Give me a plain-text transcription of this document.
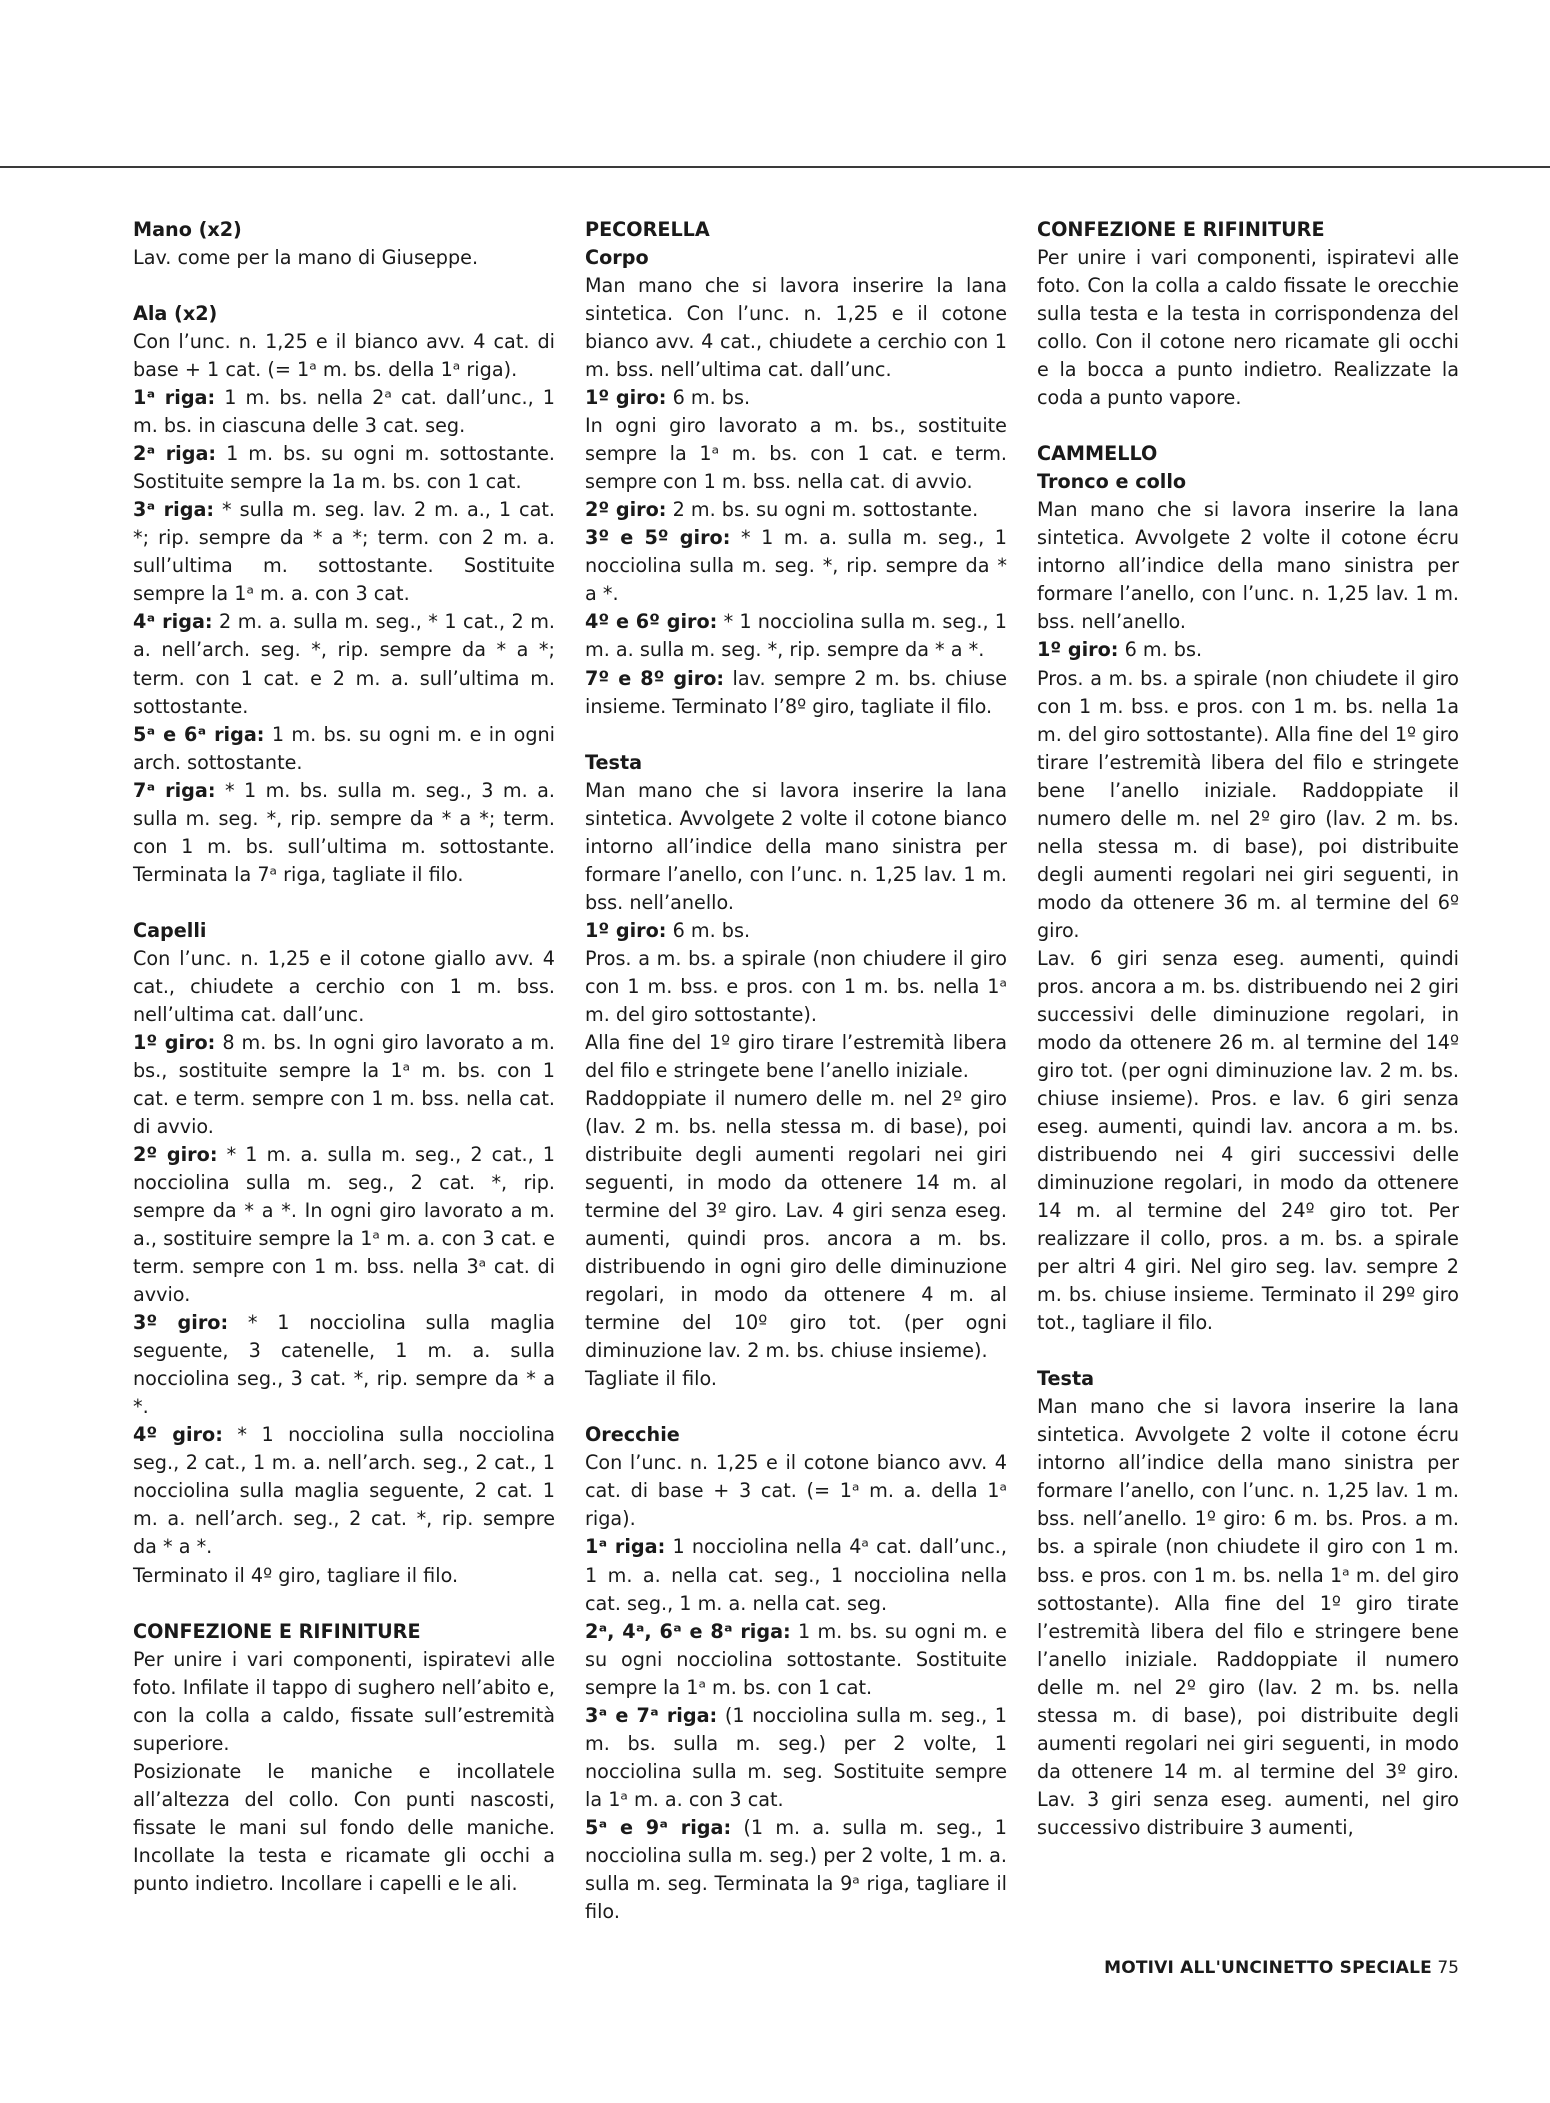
Mano (x2)

Lav. come per la mano di Giuseppe.

Ala (x2)

Con l’unc. n. 1,25 e il bianco avv. 4 cat. di base + 1 cat. (= 1ᵃ m. bs. della 1ᵃ riga).

1ᵃ riga: 1 m. bs. nella 2ᵃ cat. dall’unc., 1 m. bs. in ciascuna delle 3 cat. seg.

2ᵃ riga: 1 m. bs. su ogni m. sottostante. Sostituite sempre la 1a m. bs. con 1 cat.

3ᵃ riga: * sulla m. seg. lav. 2 m. a., 1 cat. *; rip. sempre da * a *; term. con 2 m. a. sull’ultima m. sottostante. Sostituite sempre la 1ᵃ m. a. con 3 cat.

4ᵃ riga: 2 m. a. sulla m. seg., * 1 cat., 2 m. a. nell’arch. seg. *, rip. sempre da * a *; term. con 1 cat. e 2 m. a. sull’ultima m. sottostante.

5ᵃ e 6ᵃ riga: 1 m. bs. su ogni m. e in ogni arch. sottostante.

7ᵃ riga: * 1 m. bs. sulla m. seg., 3 m. a. sulla m. seg. *, rip. sempre da * a *; term. con 1 m. bs. sull’ultima m. sottostante. Terminata la 7ᵃ riga, tagliate il filo.

Capelli

Con l’unc. n. 1,25 e il cotone giallo avv. 4 cat., chiudete a cerchio con 1 m. bss. nell’ultima cat. dall’unc.

1º giro: 8 m. bs. In ogni giro lavorato a m. bs., sostituite sempre la 1ᵃ m. bs. con 1 cat. e term. sempre con 1 m. bss. nella cat. di avvio.

2º giro: * 1 m. a. sulla m. seg., 2 cat., 1 nocciolina sulla m. seg., 2 cat. *, rip. sempre da * a *. In ogni giro lavorato a m. a., sostituire sempre la 1ᵃ m. a. con 3 cat. e term. sempre con 1 m. bss. nella 3ᵃ cat. di avvio.

3º giro: * 1 nocciolina sulla maglia seguente, 3 catenelle, 1 m. a. sulla nocciolina seg., 3 cat. *, rip. sempre da * a *.

4º giro: * 1 nocciolina sulla nocciolina seg., 2 cat., 1 m. a. nell’arch. seg., 2 cat., 1 nocciolina sulla maglia seguente, 2 cat. 1 m. a. nell’arch. seg., 2 cat. *, rip. sempre da * a *.

Terminato il 4º giro, tagliare il filo.

CONFEZIONE E RIFINITURE

Per unire i vari componenti, ispiratevi alle foto. Infilate il tappo di sughero nell’abito e, con la colla a caldo, fissate sull’estremità superiore.

Posizionate le maniche e incollatele all’altezza del collo. Con punti nascosti, fissate le mani sul fondo delle maniche. Incollate la testa e ricamate gli occhi a punto indietro. Incollare i capelli e le ali.

PECORELLA

Corpo

Man mano che si lavora inserire la lana sintetica. Con l’unc. n. 1,25 e il cotone bianco avv. 4 cat., chiudete a cerchio con 1 m. bss. nell’ultima cat. dall’unc.

1º giro: 6 m. bs.

In ogni giro lavorato a m. bs., sostituite sempre la 1ᵃ m. bs. con 1 cat. e term. sempre con 1 m. bss. nella cat. di avvio.

2º giro: 2 m. bs. su ogni m. sottostante.

3º e 5º giro: * 1 m. a. sulla m. seg., 1 nocciolina sulla m. seg. *, rip. sempre da * a *.

4º e 6º giro: * 1 nocciolina sulla m. seg., 1 m. a. sulla m. seg. *, rip. sempre da * a *.

7º e 8º giro: lav. sempre 2 m. bs. chiuse insieme. Terminato l’8º giro, tagliate il filo.

Testa

Man mano che si lavora inserire la lana sintetica. Avvolgete 2 volte il cotone bianco intorno all’indice della mano sinistra per formare l’anello, con l’unc. n. 1,25 lav. 1 m. bss. nell’anello.

1º giro: 6 m. bs.

Pros. a m. bs. a spirale (non chiudere il giro con 1 m. bss. e pros. con 1 m. bs. nella 1ᵃ m. del giro sottostante).

Alla fine del 1º giro tirare l’estremità libera del filo e stringete bene l’anello iniziale.

Raddoppiate il numero delle m. nel 2º giro (lav. 2 m. bs. nella stessa m. di base), poi distribuite degli aumenti regolari nei giri seguenti, in modo da ottenere 14 m. al termine del 3º giro. Lav. 4 giri senza eseg. aumenti, quindi pros. ancora a m. bs. distribuendo in ogni giro delle diminuzione regolari, in modo da ottenere 4 m. al termine del 10º giro tot. (per ogni diminuzione lav. 2 m. bs. chiuse insieme).

Tagliate il filo.

Orecchie

Con l’unc. n. 1,25 e il cotone bianco avv. 4 cat. di base + 3 cat. (= 1ᵃ m. a. della 1ᵃ riga).

1ᵃ riga: 1 nocciolina nella 4ᵃ cat. dall’unc., 1 m. a. nella cat. seg., 1 nocciolina nella cat. seg., 1 m. a. nella cat. seg.

2ᵃ, 4ᵃ, 6ᵃ e 8ᵃ riga: 1 m. bs. su ogni m. e su ogni nocciolina sottostante. Sostituite sempre la 1ᵃ m. bs. con 1 cat.

3ᵃ e 7ᵃ riga: (1 nocciolina sulla m. seg., 1 m. bs. sulla m. seg.) per 2 volte, 1 nocciolina sulla m. seg. Sostituite sempre la 1ᵃ m. a. con 3 cat.

5ᵃ e 9ᵃ riga: (1 m. a. sulla m. seg., 1 nocciolina sulla m. seg.) per 2 volte, 1 m. a. sulla m. seg. Terminata la 9ᵃ riga, tagliare il filo.

CONFEZIONE E RIFINITURE

Per unire i vari componenti, ispiratevi alle foto. Con la colla a caldo fissate le orecchie sulla testa e la testa in corrispondenza del collo. Con il cotone nero ricamate gli occhi e la bocca a punto indietro. Realizzate la coda a punto vapore.

CAMMELLO

Tronco e collo

Man mano che si lavora inserire la lana sintetica. Avvolgete 2 volte il cotone écru intorno all’indice della mano sinistra per formare l’anello, con l’unc. n. 1,25 lav. 1 m. bss. nell’anello.

1º giro: 6 m. bs.

Pros. a m. bs. a spirale (non chiudete il giro con 1 m. bss. e pros. con 1 m. bs. nella 1a m. del giro sottostante). Alla fine del 1º giro tirare l’estremità libera del filo e stringete bene l’anello iniziale. Raddoppiate il numero delle m. nel 2º giro (lav. 2 m. bs. nella stessa m. di base), poi distribuite degli aumenti regolari nei giri seguenti, in modo da ottenere 36 m. al termine del 6º giro.

Lav. 6 giri senza eseg. aumenti, quindi pros. ancora a m. bs. distribuendo nei 2 giri successivi delle diminuzione regolari, in modo da ottenere 26 m. al termine del 14º giro tot. (per ogni diminuzione lav. 2 m. bs. chiuse insieme). Pros. e lav. 6 giri senza eseg. aumenti, quindi lav. ancora a m. bs. distribuendo nei 4 giri successivi delle diminuzione regolari, in modo da ottenere 14 m. al termine del 24º giro tot. Per realizzare il collo, pros. a m. bs. a spirale per altri 4 giri. Nel giro seg. lav. sempre 2 m. bs. chiuse insieme. Terminato il 29º giro tot., tagliare il filo.

Testa

Man mano che si lavora inserire la lana sintetica. Avvolgete 2 volte il cotone écru intorno all’indice della mano sinistra per formare l’anello, con l’unc. n. 1,25 lav. 1 m. bss. nell’anello. 1º giro: 6 m. bs. Pros. a m. bs. a spirale (non chiudete il giro con 1 m. bss. e pros. con 1 m. bs. nella 1ᵃ m. del giro sottostante). Alla fine del 1º giro tirate l’estremità libera del filo e stringere bene l’anello iniziale. Raddoppiate il numero delle m. nel 2º giro (lav. 2 m. bs. nella stessa m. di base), poi distribuite degli aumenti regolari nei giri seguenti, in modo da ottenere 14 m. al termine del 3º giro. Lav. 3 giri senza eseg. aumenti, nel giro successivo distribuire 3 aumenti,

MOTIVI ALL'UNCINETTO SPECIALE 75
